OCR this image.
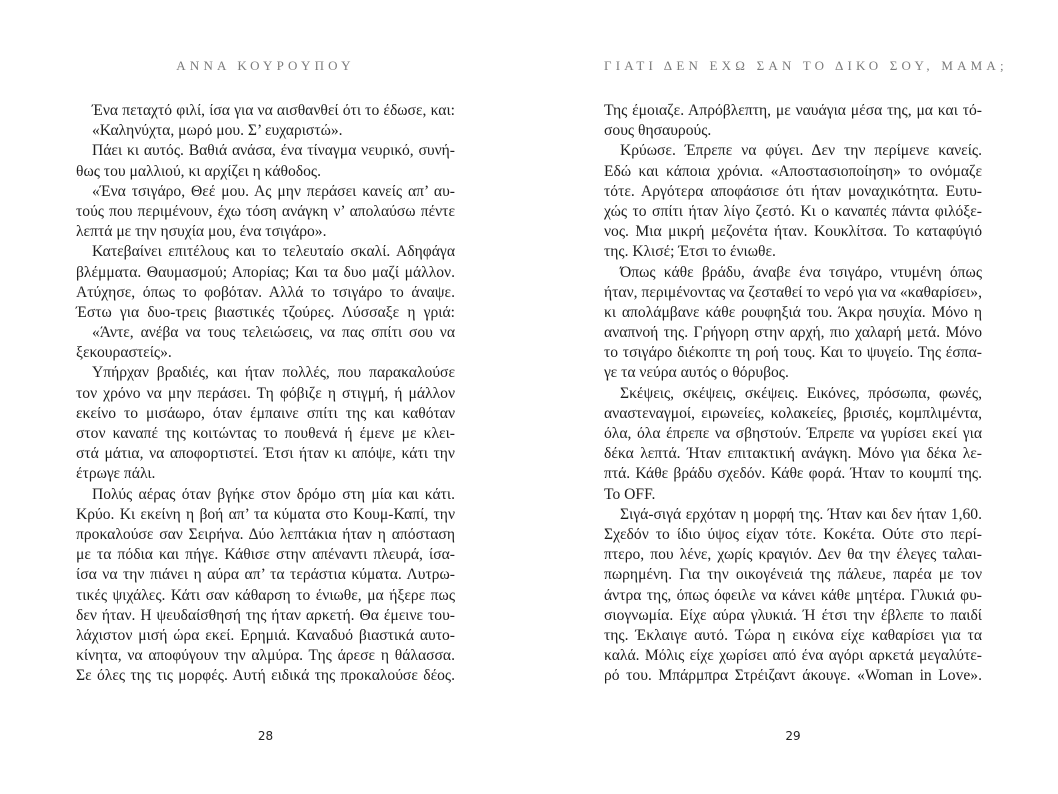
ΑΝΝΑ ΚΟΥΡΟΥΠΟΥ
Ένα πεταχτό φιλί, ίσα για να αισθανθεί ότι το έδωσε, και:
«Καληνύχτα, μωρό μου. Σ’ ευχαριστώ».
Πάει κι αυτός. Βαθιά ανάσα, ένα τίναγμα νευρικό, συνή-
θως του μαλλιού, κι αρχίζει η κάθοδος.
«Ένα τσιγάρο, Θεέ μου. Ας μην περάσει κανείς απ’ αυ-
τούς που περιμένουν, έχω τόση ανάγκη ν’ απολαύσω πέντε
λεπτά με την ησυχία μου, ένα τσιγάρο».
Κατεβαίνει επιτέλους και το τελευταίο σκαλί. Αδηφάγα
βλέμματα. Θαυμασμού; Απορίας; Και τα δυο μαζί μάλλον.
Ατύχησε, όπως το φοβόταν. Αλλά το τσιγάρο το άναψε.
Έστω για δυο-τρεις βιαστικές τζούρες. Λύσσαξε η γριά:
«Άντε, ανέβα να τους τελειώσεις, να πας σπίτι σου να
ξεκουραστείς».
Υπήρχαν βραδιές, και ήταν πολλές, που παρακαλούσε
τον χρόνο να μην περάσει. Τη φόβιζε η στιγμή, ή μάλλον
εκείνο το μισάωρο, όταν έμπαινε σπίτι της και καθόταν
στον καναπέ της κοιτώντας το πουθενά ή έμενε με κλει-
στά μάτια, να αποφορτιστεί. Έτσι ήταν κι απόψε, κάτι την
έτρωγε πάλι.
Πολύς αέρας όταν βγήκε στον δρόμο στη μία και κάτι.
Κρύο. Κι εκείνη η βοή απ’ τα κύματα στο Κουμ-Καπί, την
προκαλούσε σαν Σειρήνα. Δύο λεπτάκια ήταν η απόσταση
με τα πόδια και πήγε. Κάθισε στην απέναντι πλευρά, ίσα-
ίσα να την πιάνει η αύρα απ’ τα τεράστια κύματα. Λυτρω-
τικές ψιχάλες. Κάτι σαν κάθαρση το ένιωθε, μα ήξερε πως
δεν ήταν. Η ψευδαίσθησή της ήταν αρκετή. Θα έμεινε του-
λάχιστον μισή ώρα εκεί. Ερημιά. Καναδυό βιαστικά αυτο-
κίνητα, να αποφύγουν την αλμύρα. Της άρεσε η θάλασσα.
Σε όλες της τις μορφές. Αυτή ειδικά της προκαλούσε δέος.
28
ΓΙΑΤΙ ΔΕΝ ΕΧΩ ΣΑΝ ΤΟ ΔΙΚΟ ΣΟΥ, ΜΑΜΑ;
Της έμοιαζε. Απρόβλεπτη, με ναυάγια μέσα της, μα και τό-
σους θησαυρούς.
Κρύωσε. Έπρεπε να φύγει. Δεν την περίμενε κανείς.
Εδώ και κάποια χρόνια. «Αποστασιοποίηση» το ονόμαζε
τότε. Αργότερα αποφάσισε ότι ήταν μοναχικότητα. Ευτυ-
χώς το σπίτι ήταν λίγο ζεστό. Κι ο καναπές πάντα φιλόξε-
νος. Μια μικρή μεζονέτα ήταν. Κουκλίτσα. Το καταφύγιό
της. Κλισέ; Έτσι το ένιωθε.
Όπως κάθε βράδυ, άναβε ένα τσιγάρο, ντυμένη όπως
ήταν, περιμένοντας να ζεσταθεί το νερό για να «καθαρίσει»,
κι απολάμβανε κάθε ρουφηξιά του. Άκρα ησυχία. Μόνο η
αναπνοή της. Γρήγορη στην αρχή, πιο χαλαρή μετά. Μόνο
το τσιγάρο διέκοπτε τη ροή τους. Και το ψυγείο. Της έσπα-
γε τα νεύρα αυτός ο θόρυβος.
Σκέψεις, σκέψεις, σκέψεις. Εικόνες, πρόσωπα, φωνές,
αναστεναγμοί, ειρωνείες, κολακείες, βρισιές, κομπλιμέντα,
όλα, όλα έπρεπε να σβηστούν. Έπρεπε να γυρίσει εκεί για
δέκα λεπτά. Ήταν επιτακτική ανάγκη. Μόνο για δέκα λε-
πτά. Κάθε βράδυ σχεδόν. Κάθε φορά. Ήταν το κουμπί της.
Το OFF.
Σιγά-σιγά ερχόταν η μορφή της. Ήταν και δεν ήταν 1,60.
Σχεδόν το ίδιο ύψος είχαν τότε. Κοκέτα. Ούτε στο περί-
πτερο, που λένε, χωρίς κραγιόν. Δεν θα την έλεγες ταλαι-
πωρημένη. Για την οικογένειά της πάλευε, παρέα με τον
άντρα της, όπως όφειλε να κάνει κάθε μητέρα. Γλυκιά φυ-
σιογνωμία. Είχε αύρα γλυκιά. Ή έτσι την έβλεπε το παιδί
της. Έκλαιγε αυτό. Τώρα η εικόνα είχε καθαρίσει για τα
καλά. Μόλις είχε χωρίσει από ένα αγόρι αρκετά μεγαλύτε-
ρό του. Μπάρμπρα Στρέιζαντ άκουγε. «Woman in Love».
29
